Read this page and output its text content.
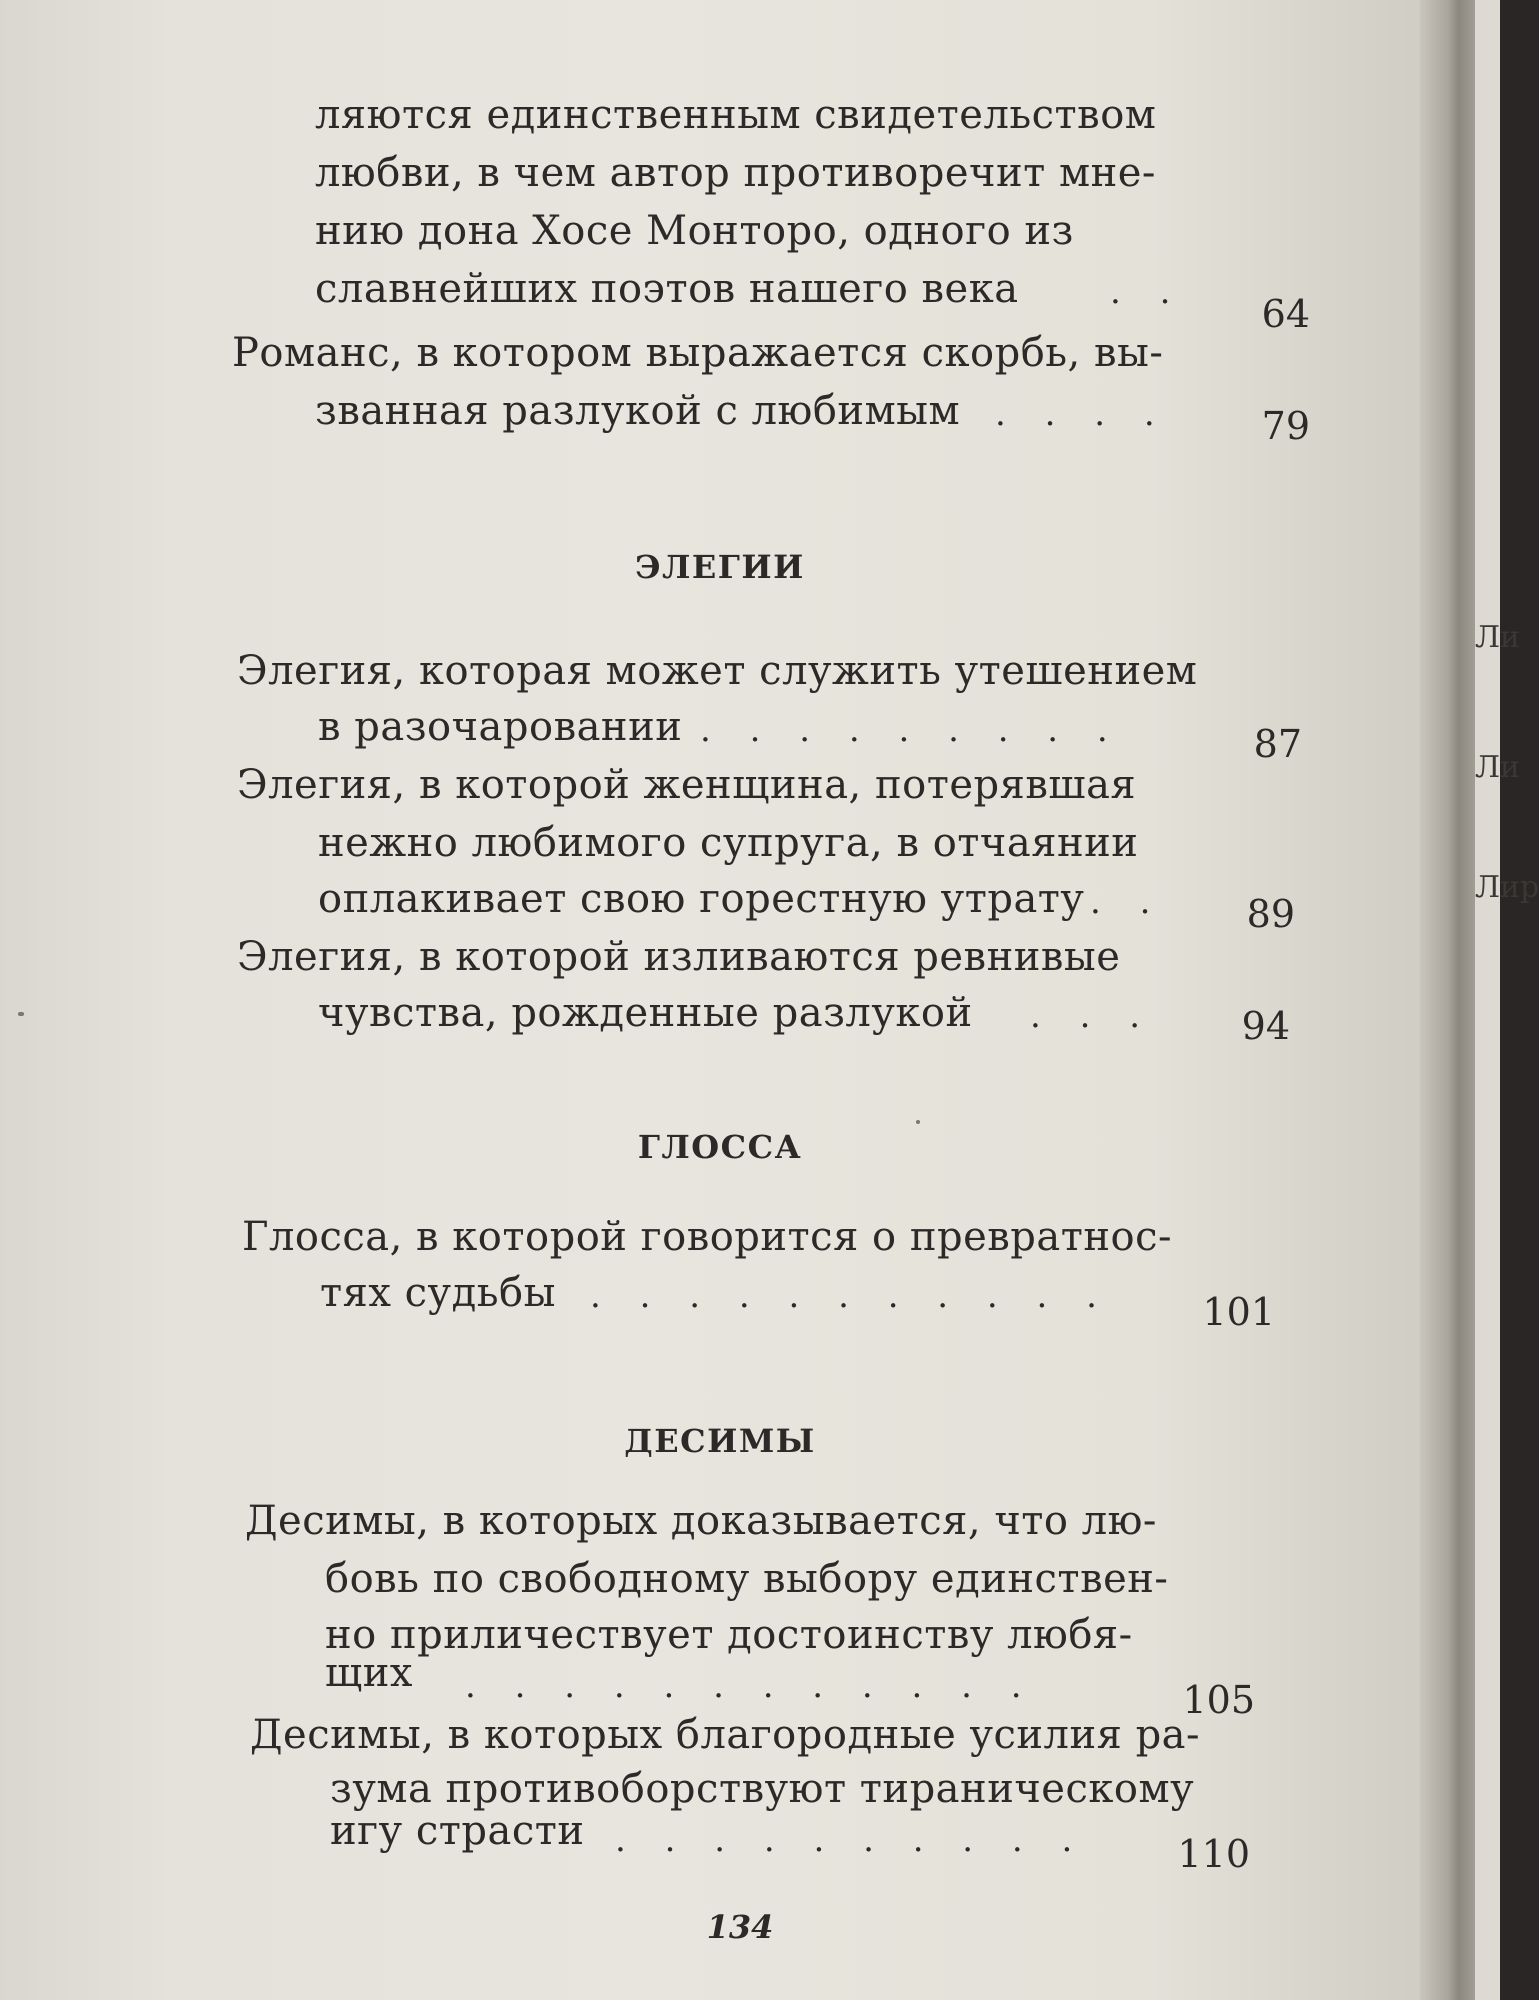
ляются единственным свидетельством
любви, в чем автор противоречит мне-
нию дона Хосе Монторо, одного из
славнейших поэтов нашего века	. .	64
Романс, в котором выражается скорбь, вы-
званная разлукой с любимым . . . .	79
ЭЛЕГИИ
Элегия, которая может служить утешением
в разочаровании . . . . . . . . .	87
Элегия, в которой женщина, потерявшая
нежно любимого супруга, в отчаянии
оплакивает свою горестную утрату . .	89
Элегия, в которой изливаются ревнивые
чувства, рожденные разлукой . . .	94
ГЛОССА
Глосса, в которой говорится о превратнос-
тях судьбы . . . . . . . . . . .	101
ДЕСИМЫ
Десимы, в которых доказывается, что лю-
бовь по свободному выбору единствен-
но приличествует достоинству любя-
щих . . . . . . . . . . . .	105
Десимы, в которых благородные усилия ра-
зума противоборствуют тираническому
игу страсти . . . . . . . . . .	110
134
Ли
Ли
Лир
